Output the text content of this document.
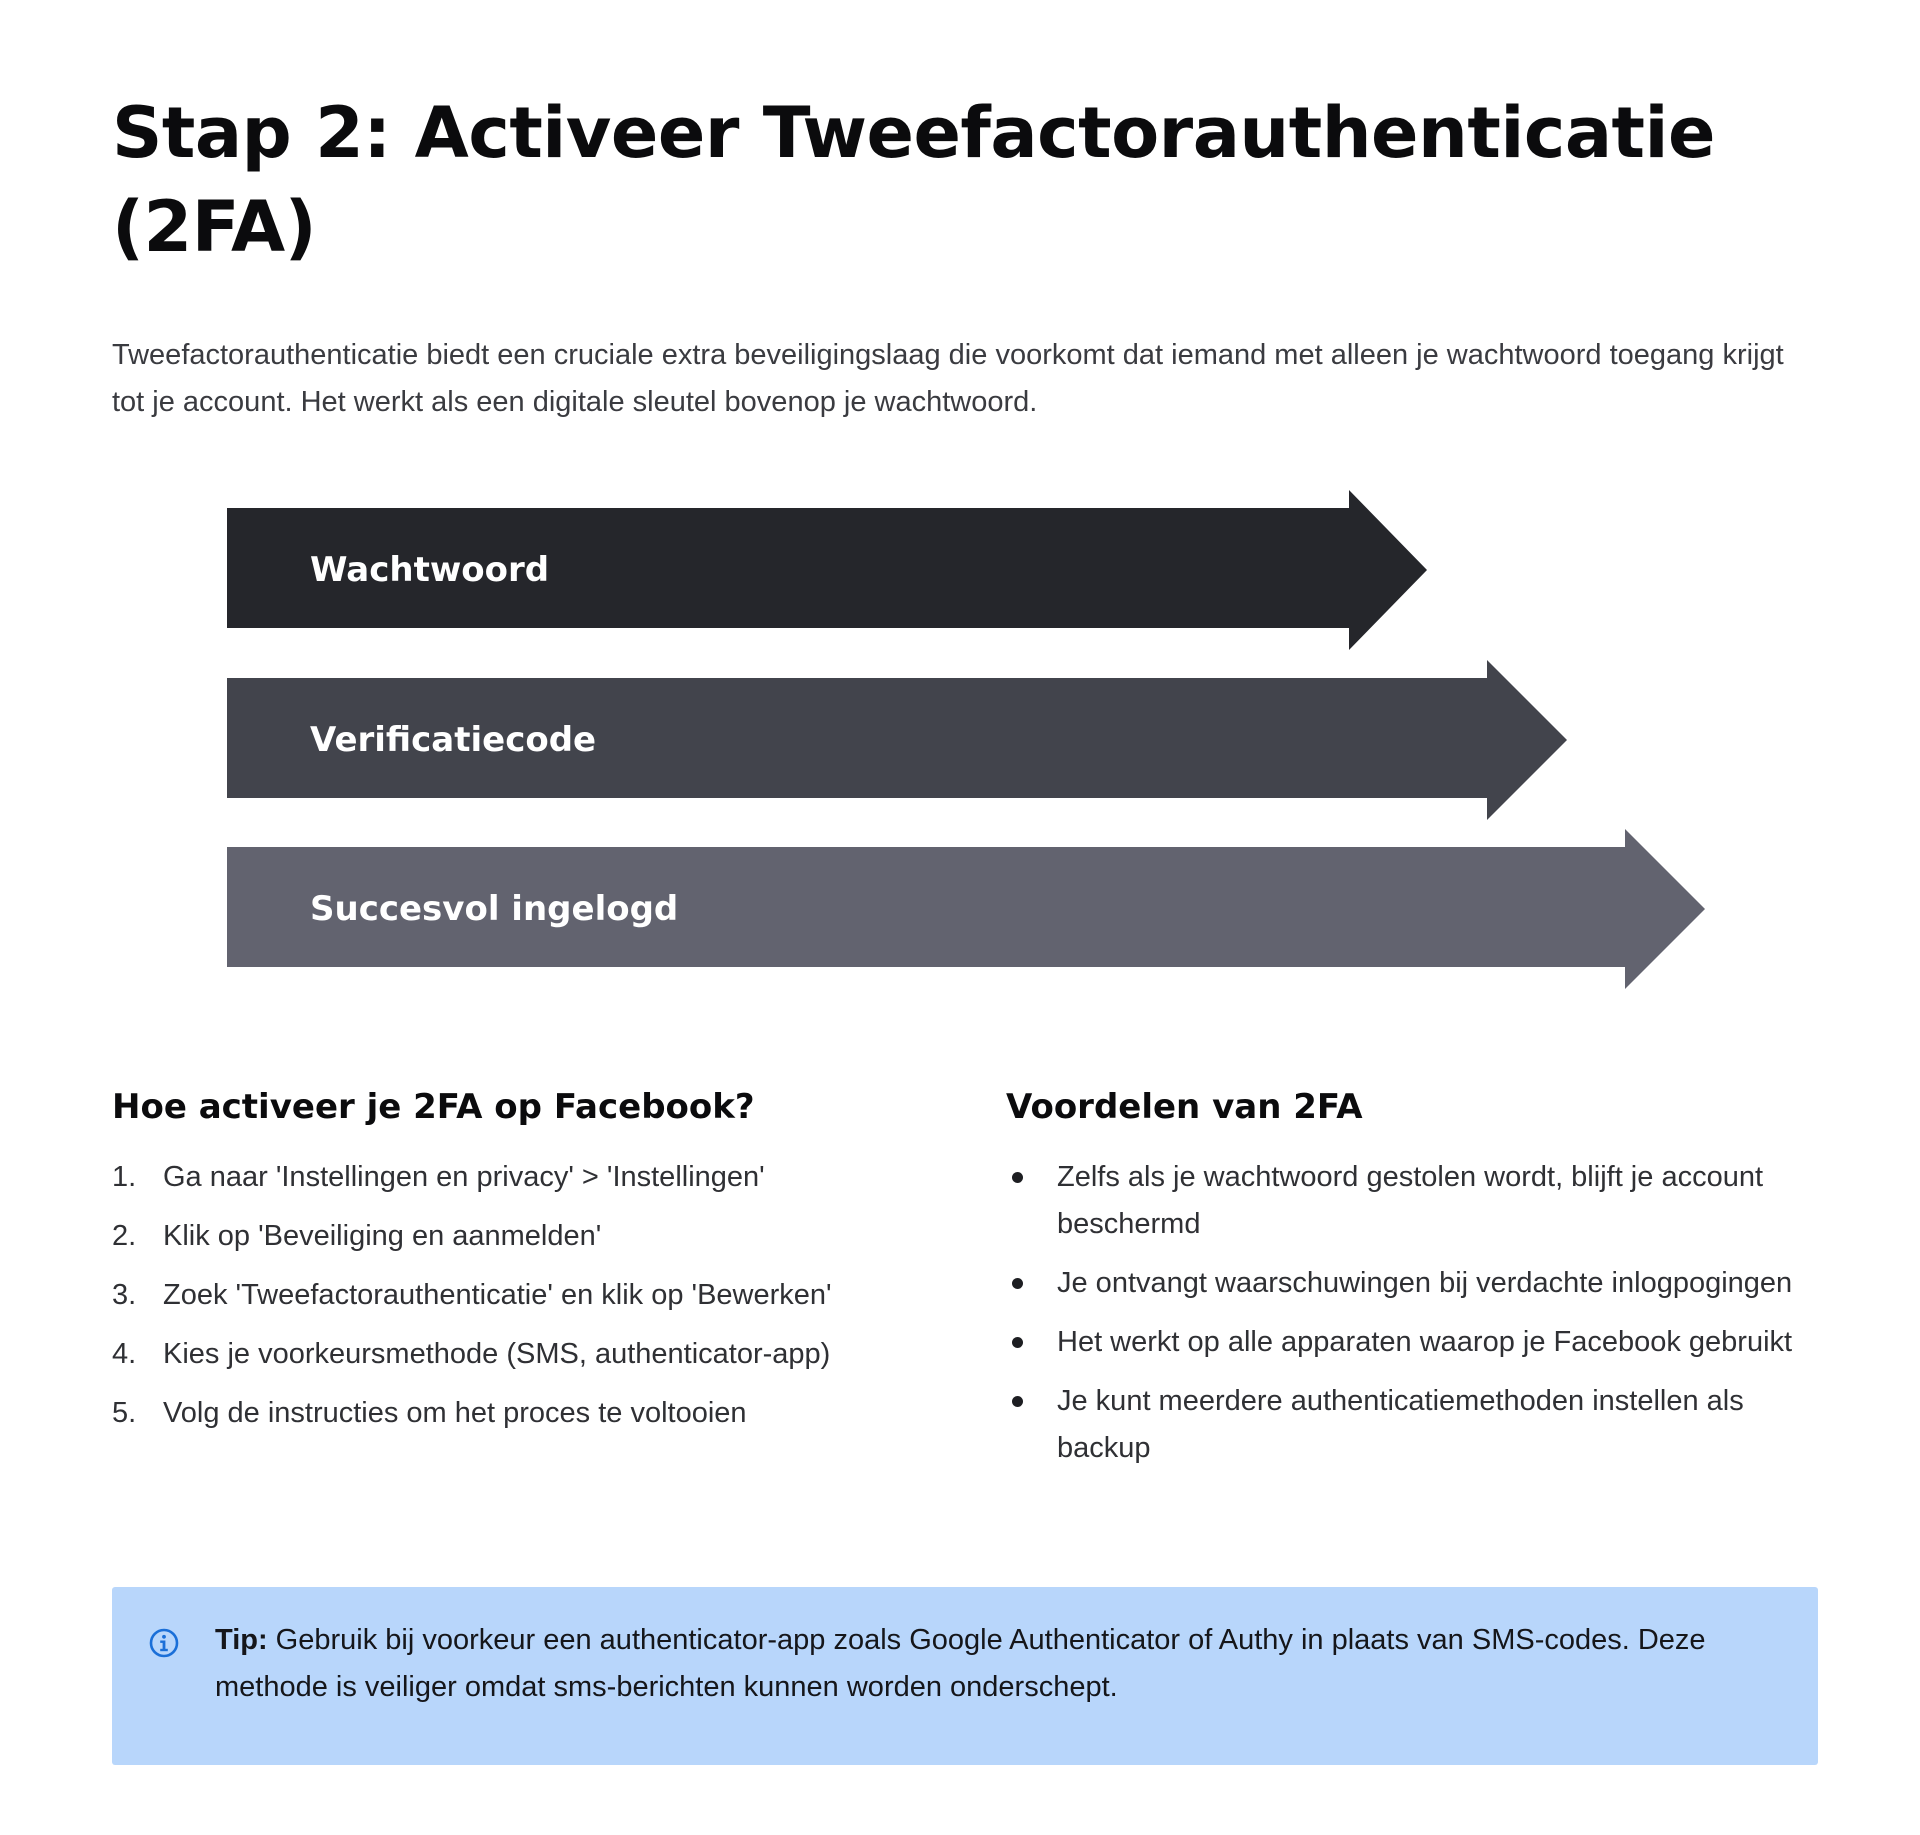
Stap 2: Activeer Tweefactorauthenticatie (2FA)

Tweefactorauthenticatie biedt een cruciale extra beveiligingslaag die voorkomt dat iemand met alleen je wachtwoord toegang krijgt tot je account. Het werkt als een digitale sleutel bovenop je wachtwoord.

Wachtwoord
Verificatiecode
Succesvol ingelogd
Hoe activeer je 2FA op Facebook?
1. Ga naar 'Instellingen en privacy' > 'Instellingen'
2. Klik op 'Beveiliging en aanmelden'
3. Zoek 'Tweefactorauthenticatie' en klik op 'Bewerken'
4. Kies je voorkeursmethode (SMS, authenticator-app)
5. Volg de instructies om het proces te voltooien
Voordelen van 2FA
Zelfs als je wachtwoord gestolen wordt, blijft je account beschermd
Je ontvangt waarschuwingen bij verdachte inlogpogingen
Het werkt op alle apparaten waarop je Facebook gebruikt
Je kunt meerdere authenticatiemethoden instellen als backup

Tip: Gebruik bij voorkeur een authenticator-app zoals Google Authenticator of Authy in plaats van SMS-codes. Deze methode is veiliger omdat sms-berichten kunnen worden onderschept.
